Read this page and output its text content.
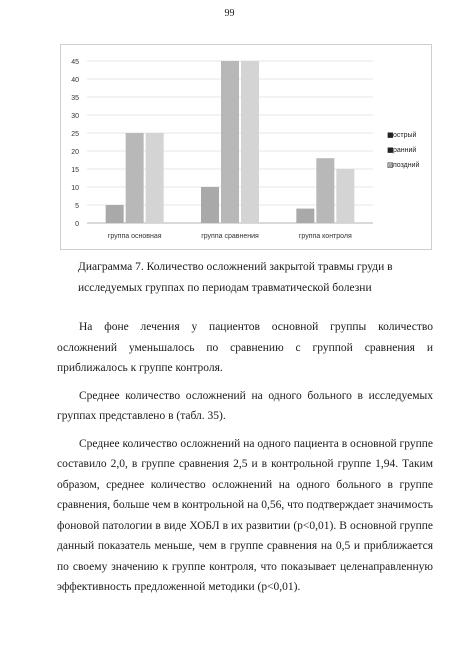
99
0
5
10
15
20
25
30
35
40
45
группа основная	группа сравнения	группа контроля
■ острый
■ ранний
▨ поздний

Диаграмма 7. Количество осложнений закрытой травмы груди в

исследуемых группах по периодам травматической болезни

На фоне лечения у пациентов основной группы количество осложнений уменьшалось по сравнению с группой сравнения и приближалось к группе контроля.

Среднее количество осложнений на одного больного в исследуемых группах представлено в (табл. 35).

Среднее количество осложнений на одного пациента в основной группе составило 2,0, в группе сравнения 2,5 и в контрольной группе 1,94. Таким образом, среднее количество осложнений на одного больного в группе сравнения, больше чем в контрольной на 0,56, что подтверждает значимость фоновой патологии в виде ХОБЛ в их развитии (р<0,01). В основной группе данный показатель меньше, чем в группе сравнения на 0,5 и приближается по своему значению к группе контроля, что показывает целенаправленную эффективность предложенной методики (р<0,01).
